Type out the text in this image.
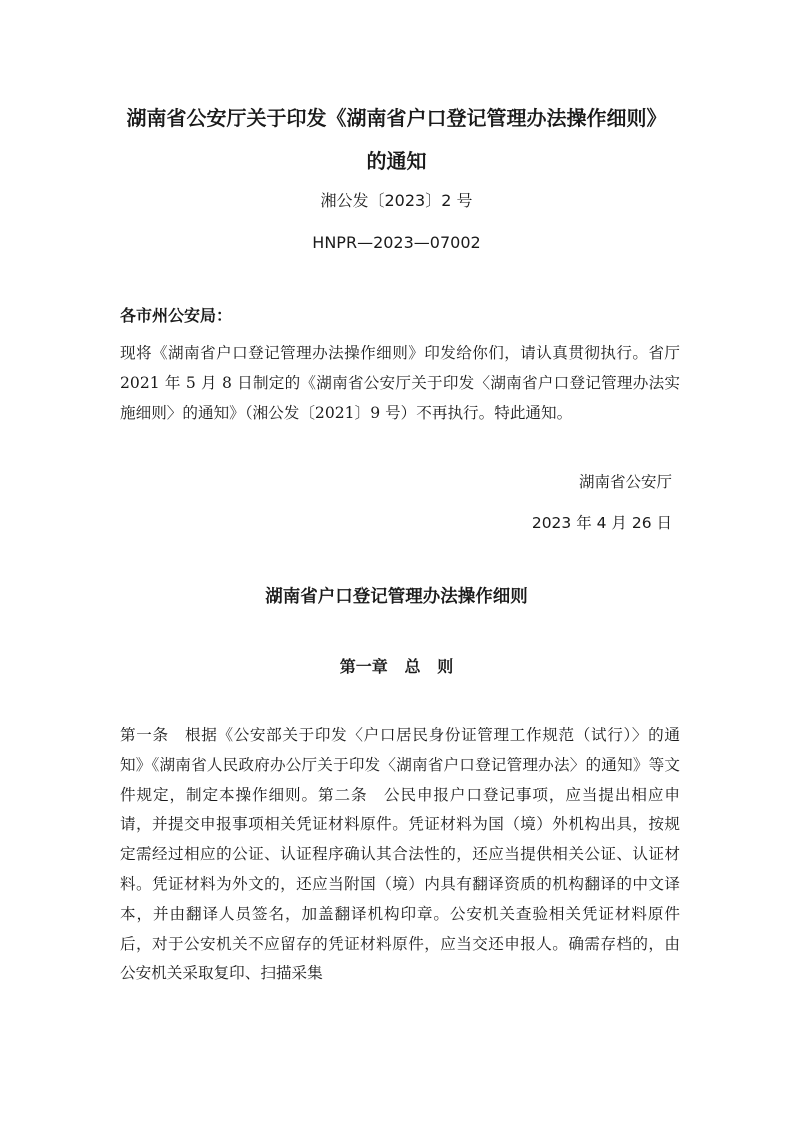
湖南省公安厅关于印发《湖南省户口登记管理办法操作细则》
的通知
湘公发〔2023〕2 号
HNPR—2023—07002
各市州公安局：
现将《湖南省户口登记管理办法操作细则》印发给你们，请认真贯彻执行。省厅 2021 年 5 月 8 日制定的《湖南省公安厅关于印发〈湖南省户口登记管理办法实施细则〉的通知》（湘公发〔2021〕9 号）不再执行。特此通知。
湖南省公安厅
2023 年 4 月 26 日
湖南省户口登记管理办法操作细则
第一章   总   则
第一条　根据《公安部关于印发〈户口居民身份证管理工作规范（试行）〉的通知》《湖南省人民政府办公厅关于印发〈湖南省户口登记管理办法〉的通知》等文件规定，制定本操作细则。第二条　公民申报户口登记事项，应当提出相应申请，并提交申报事项相关凭证材料原件。凭证材料为国（境）外机构出具，按规定需经过相应的公证、认证程序确认其合法性的，还应当提供相关公证、认证材料。凭证材料为外文的，还应当附国（境）内具有翻译资质的机构翻译的中文译本，并由翻译人员签名，加盖翻译机构印章。公安机关查验相关凭证材料原件后，对于公安机关不应留存的凭证材料原件，应当交还申报人。确需存档的，由公安机关采取复印、扫描采集
